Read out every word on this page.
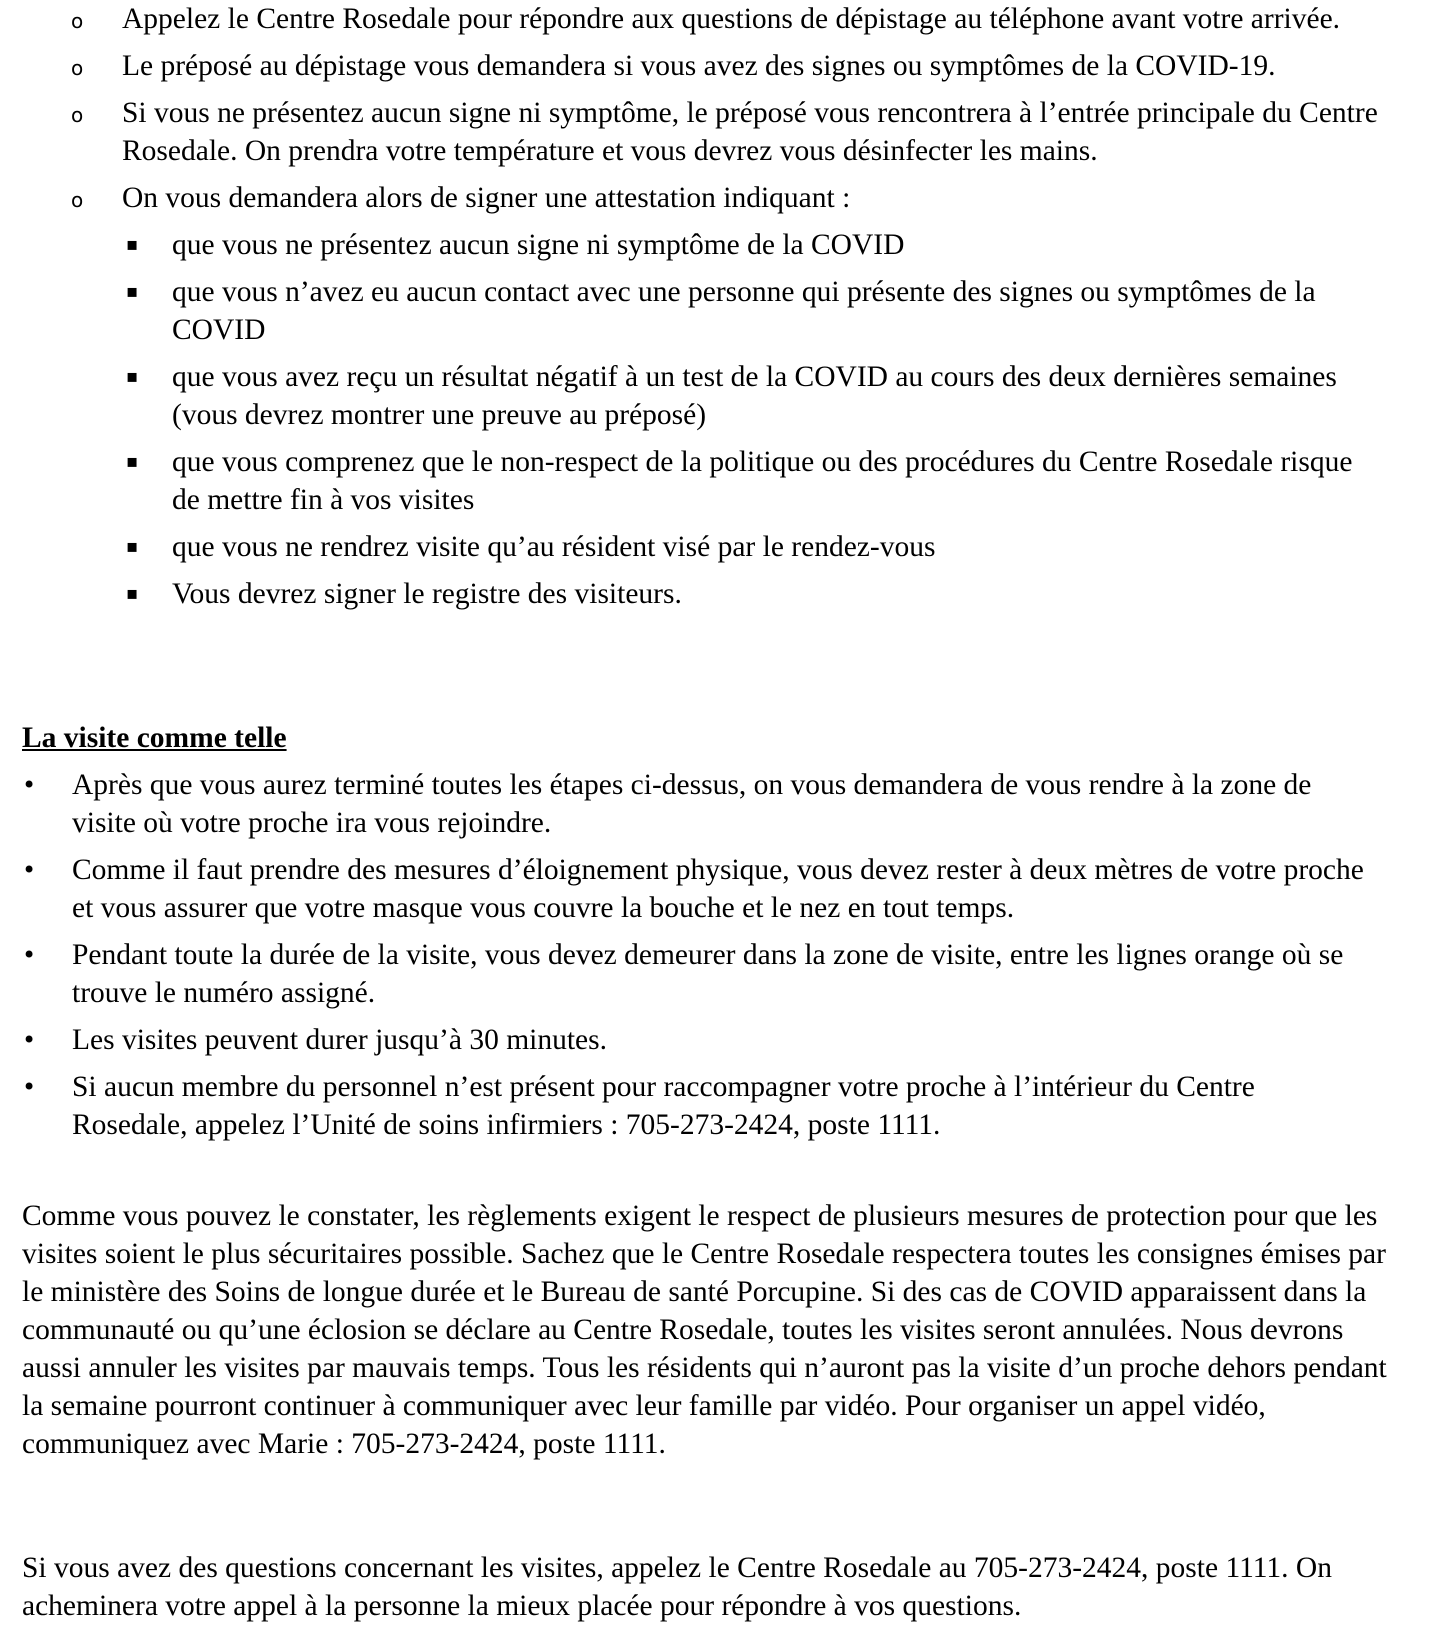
o Appelez le Centre Rosedale pour répondre aux questions de dépistage au téléphone avant votre arrivée.
o Le préposé au dépistage vous demandera si vous avez des signes ou symptômes de la COVID-19.
o Si vous ne présentez aucun signe ni symptôme, le préposé vous rencontrera à l’entrée principale du Centre Rosedale. On prendra votre température et vous devrez vous désinfecter les mains.
o On vous demandera alors de signer une attestation indiquant :
▪ que vous ne présentez aucun signe ni symptôme de la COVID
▪ que vous n’avez eu aucun contact avec une personne qui présente des signes ou symptômes de la COVID
▪ que vous avez reçu un résultat négatif à un test de la COVID au cours des deux dernières semaines (vous devrez montrer une preuve au préposé)
▪ que vous comprenez que le non-respect de la politique ou des procédures du Centre Rosedale risque de mettre fin à vos visites
▪ que vous ne rendrez visite qu’au résident visé par le rendez-vous
▪ Vous devrez signer le registre des visiteurs.
La visite comme telle
• Après que vous aurez terminé toutes les étapes ci-dessus, on vous demandera de vous rendre à la zone de visite où votre proche ira vous rejoindre.
• Comme il faut prendre des mesures d’éloignement physique, vous devez rester à deux mètres de votre proche et vous assurer que votre masque vous couvre la bouche et le nez en tout temps.
• Pendant toute la durée de la visite, vous devez demeurer dans la zone de visite, entre les lignes orange où se trouve le numéro assigné.
• Les visites peuvent durer jusqu’à 30 minutes.
• Si aucun membre du personnel n’est présent pour raccompagner votre proche à l’intérieur du Centre Rosedale, appelez l’Unité de soins infirmiers : 705-273-2424, poste 1111.

Comme vous pouvez le constater, les règlements exigent le respect de plusieurs mesures de protection pour que les visites soient le plus sécuritaires possible. Sachez que le Centre Rosedale respectera toutes les consignes émises par le ministère des Soins de longue durée et le Bureau de santé Porcupine. Si des cas de COVID apparaissent dans la communauté ou qu’une éclosion se déclare au Centre Rosedale, toutes les visites seront annulées. Nous devrons aussi annuler les visites par mauvais temps. Tous les résidents qui n’auront pas la visite d’un proche dehors pendant la semaine pourront continuer à communiquer avec leur famille par vidéo. Pour organiser un appel vidéo, communiquez avec Marie : 705-273-2424, poste 1111.

Si vous avez des questions concernant les visites, appelez le Centre Rosedale au 705-273-2424, poste 1111. On acheminera votre appel à la personne la mieux placée pour répondre à vos questions.
